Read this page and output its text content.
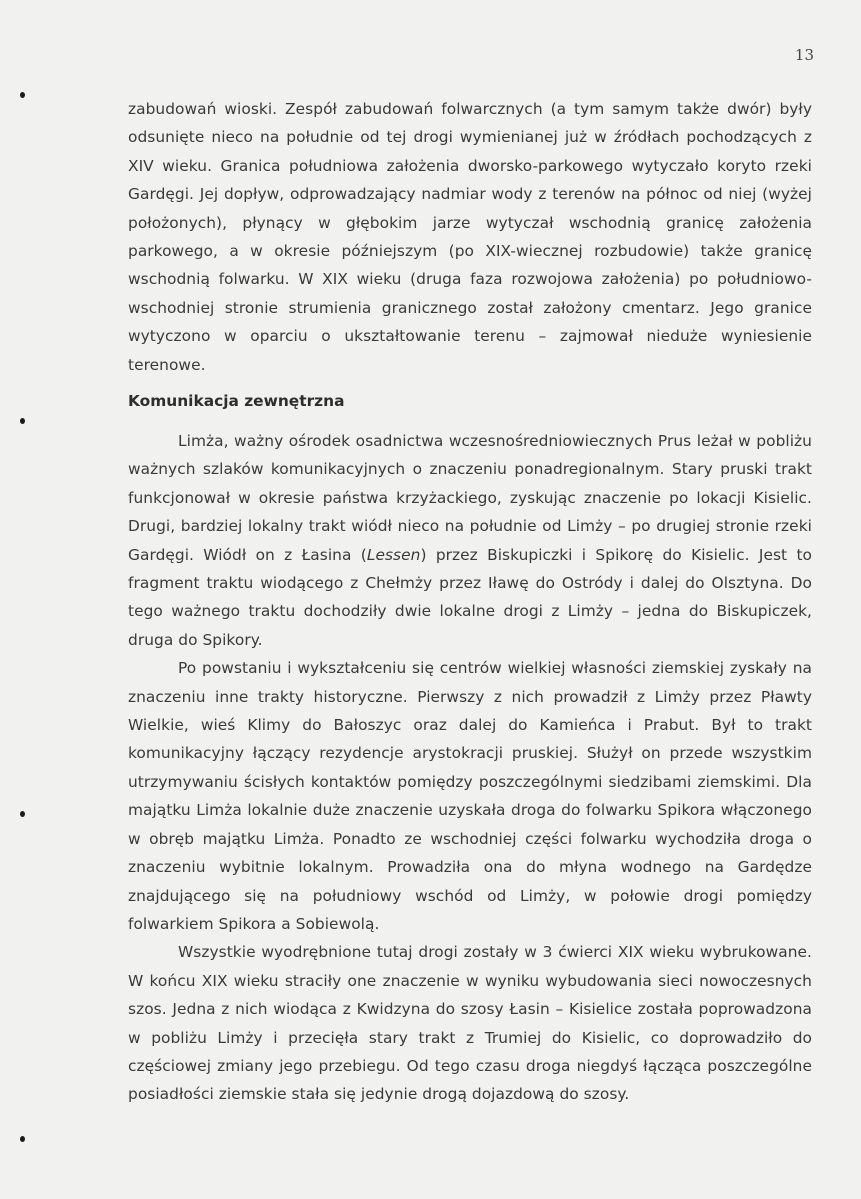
13

zabudowań wioski. Zespół zabudowań folwarcznych (a tym samym także dwór) były odsunięte nieco na południe od tej drogi wymienianej już w źródłach pochodzących z XIV wieku. Granica południowa założenia dworsko-parkowego wytyczało koryto rzeki Gardęgi. Jej dopływ, odprowadzający nadmiar wody z terenów na północ od niej (wyżej położonych), płynący w głębokim jarze wytyczał wschodnią granicę założenia parkowego, a w okresie późniejszym (po XIX-wiecznej rozbudowie) także granicę wschodnią folwarku. W XIX wieku (druga faza rozwojowa założenia) po południowo-wschodniej stronie strumienia granicznego został założony cmentarz. Jego granice wytyczono w oparciu o ukształtowanie terenu – zajmował nieduże wyniesienie terenowe.

Komunikacja zewnętrzna

Limża, ważny ośrodek osadnictwa wczesnośredniowiecznych Prus leżał w pobliżu ważnych szlaków komunikacyjnych o znaczeniu ponadregionalnym. Stary pruski trakt funkcjonował w okresie państwa krzyżackiego, zyskując znaczenie po lokacji Kisielic. Drugi, bardziej lokalny trakt wiódł nieco na południe od Limży – po drugiej stronie rzeki Gardęgi. Wiódł on z Łasina (Lessen) przez Biskupiczki i Spikorę do Kisielic. Jest to fragment traktu wiodącego z Chełmży przez Iławę do Ostródy i dalej do Olsztyna. Do tego ważnego traktu dochodziły dwie lokalne drogi z Limży – jedna do Biskupiczek, druga do Spikory.

Po powstaniu i wykształceniu się centrów wielkiej własności ziemskiej zyskały na znaczeniu inne trakty historyczne. Pierwszy z nich prowadził z Limży przez Pławty Wielkie, wieś Klimy do Bałoszyc oraz dalej do Kamieńca i Prabut. Był to trakt komunikacyjny łączący rezydencje arystokracji pruskiej. Służył on przede wszystkim utrzymywaniu ścisłych kontaktów pomiędzy poszczególnymi siedzibami ziemskimi. Dla majątku Limża lokalnie duże znaczenie uzyskała droga do folwarku Spikora włączonego w obręb majątku Limża. Ponadto ze wschodniej części folwarku wychodziła droga o znaczeniu wybitnie lokalnym. Prowadziła ona do młyna wodnego na Gardędze znajdującego się na południowy wschód od Limży, w połowie drogi pomiędzy folwarkiem Spikora a Sobiewolą.

Wszystkie wyodrębnione tutaj drogi zostały w 3 ćwierci XIX wieku wybrukowane. W końcu XIX wieku straciły one znaczenie w wyniku wybudowania sieci nowoczesnych szos. Jedna z nich wiodąca z Kwidzyna do szosy Łasin – Kisielice została poprowadzona w pobliżu Limży i przecięła stary trakt z Trumiej do Kisielic, co doprowadziło do częściowej zmiany jego przebiegu. Od tego czasu droga niegdyś łącząca poszczególne posiadłości ziemskie stała się jedynie drogą dojazdową do szosy.
